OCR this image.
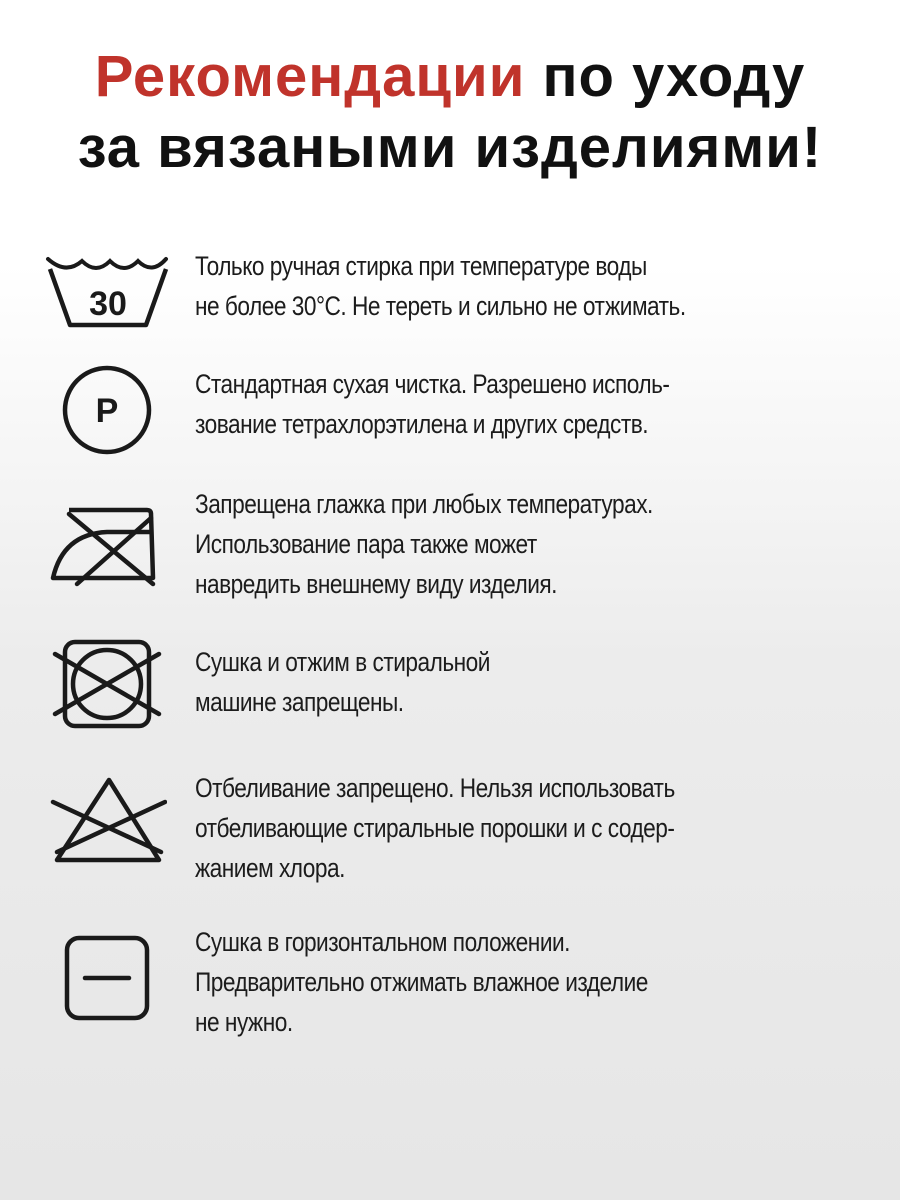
Рекомендации по уходу
за вязаными изделиями!
30

Только ручная стирка при температуре воды
не более 30°С. Не тереть и сильно не отжимать.

P

Стандартная сухая чистка. Разрешено исполь-
зование тетрахлорэтилена и других средств.

Запрещена глажка при любых температурах.
Использование пара также может
навредить внешнему виду изделия.

Сушка и отжим в стиральной
машине запрещены.

Отбеливание запрещено. Нельзя использовать
отбеливающие стиральные порошки и с содер-
жанием хлора.

Сушка в горизонтальном положении.
Предварительно отжимать влажное изделие
не нужно.
